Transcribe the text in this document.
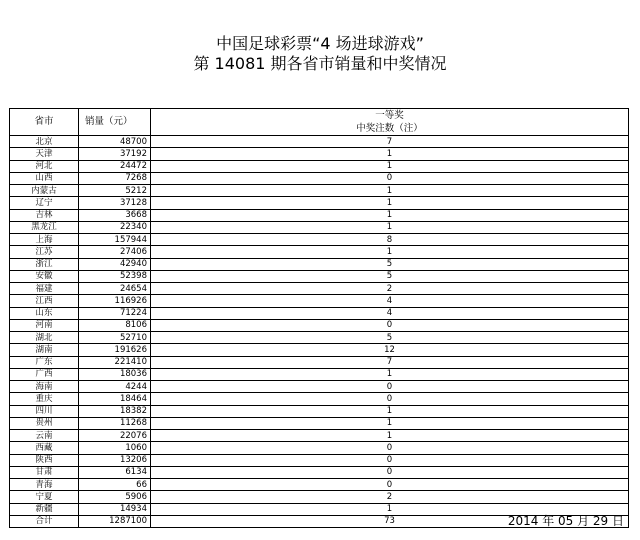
中国足球彩票“4 场进球游戏”
第 14081 期各省市销量和中奖情况
省市	销量（元）	一等奖
		中奖注数（注）
北京	48700	7
天津	37192	1
河北	24472	1
山西	7268	0
内蒙古	5212	1
辽宁	37128	1
吉林	3668	1
黑龙江	22340	1
上海	157944	8
江苏	27406	1
浙江	42940	5
安徽	52398	5
福建	24654	2
江西	116926	4
山东	71224	4
河南	8106	0
湖北	52710	5
湖南	191626	12
广东	221410	7
广西	18036	1
海南	4244	0
重庆	18464	0
四川	18382	1
贵州	11268	1
云南	22076	1
西藏	1060	0
陕西	13206	0
甘肃	6134	0
青海	66	0
宁夏	5906	2
新疆	14934	1
合计	1287100	73	2014 年 05 月 29 日
